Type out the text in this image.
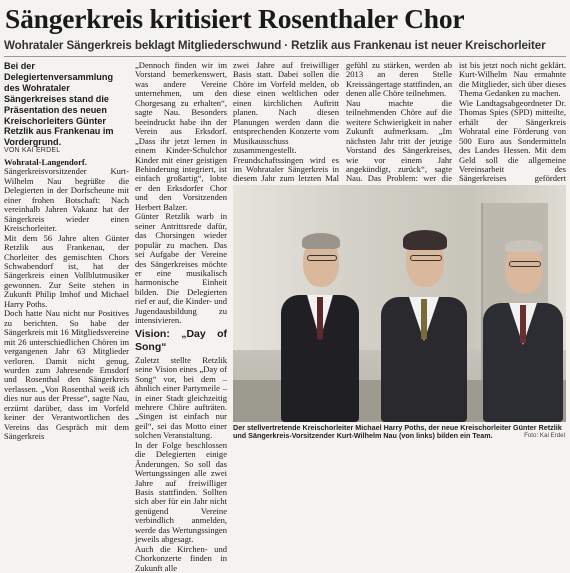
Sängerkreis kritisiert Rosenthaler Chor
Wohrataler Sängerkreis beklagt Mitgliederschwund · Retzlik aus Frankenau ist neuer Kreischorleiter

Bei der Delegiertenversammlung des Wohrataler Sängerkreises stand die Präsentation des neuen Kreischorleiters Günter Retzlik aus Frankenau im Vordergrund.

VON KAI ERDEL

Wohratal-Langendorf. Sängerkreisvorsitzender Kurt-Wilhelm Nau begrüßte die Delegierten in der Dorfscheune mit einer frohen Botschaft: Nach vereinhalb Jahren Vakanz hat der Sängerkreis wieder einen Kreischorleiter.

Mit dem 56 Jahre alten Günter Retzlik aus Frankenau, der Chorleiter des gemischten Chors Schwabendorf ist, hat der Sängerkreis einen Vollblutmusiker gewonnen. Zur Seite stehen in Zukunft Philip Imhof und Michael Harry Poths.

Doch hatte Nau nicht nur Positives zu berichten. So habe der Sängerkreis mit 16 Mitgliedsvereine mit 26 unterschiedlichen Chören im vergangenen Jahr 63 Mitglieder verloren. Damit nicht genug, wurden zum Jahresende Emsdorf und Rosenthal den Sängerkreis verlassen. „Von Rosenthal weiß ich dies nur aus der Presse“, sagte Nau, erzürnt darüber, dass im Vorfeld keiner der Verantwortlichen des Vereins das Gespräch mit dem Sängerkreis

„Dennoch finden wir im Vorstand bemerkenswert, was andere Vereine unternehmen, um den Chorgesang zu erhalten“, sagte Nau. Besonders beeindruckt habe ihn der Verein aus Erksdorf. „Dass ihr jetzt lernen in einem Kinder-Schulchor Kinder mit einer geistigen Behinderung integriert, ist einfach großartig“, lobte er den Erksdorfer Chor und den Vorsitzenden Herbert Balzer.

Günter Retzlik warb in seiner Antrittsrede dafür, das Chorsingen wieder populär zu machen. Das sei Aufgabe der Vereine des Sängerkreises möchte er eine musikalisch harmonische Einheit bilden. Die Delegierten rief er auf, die Kinder- und Jugendausbildung zu intensivieren.

Vision: „Day of Song“

Zuletzt stellte Retzlik seine Vision eines „Day of Song“ vor, bei dem – ähnlich einer Partymeile – in einer Stadt gleichzeitig mehrere Chöre aufträten. „Singen ist einfach nur geil“, sei das Motto einer solchen Veranstaltung.

In der Folge beschlossen die Delegierten einige Änderungen. So soll das Wertungssingen alle zwei Jahre auf freiwilliger Basis stattfinden. Sollten sich aber für ein Jahr nicht genügend Vereine verbindlich anmelden, werde das Wertungssingen jeweils abgesagt.

Auch die Kirchen- und Chorkonzerte finden in Zukunft alle

zwei Jahre auf freiwilliger Basis statt. Dabei sollen die Chöre im Vorfeld melden, ob diese einen weltlichen oder einen kirchlichen Auftritt planen. Nach diesen Planungen werden dann die entsprechenden Konzerte vom Musikausschuss zusammengestellt.

Freundschaftssingen wird es im Wohrataler Sängerkreis in diesem Jahr zum letzten Mal

gefühl zu stärken, werden ab 2013 an deren Stelle Kreissängertage stattfinden, an denen alle Chöre teilnehmen.

Nau machte die teilnehmenden Chöre auf die weitere Schwierigkeit in naher Zukunft aufmerksam. „Im nächsten Jahr tritt der jetzige Vorstand des Sängerkreises, wie vor einem Jahr angekündigt, zurück“, sagte Nau. Das Problem: wer die

ist bis jetzt noch nicht geklärt. Kurt-Wilhelm Nau ermahnte die Mitglieder, sich über dieses Thema Gedanken zu machen.

Wie Landtagsabgeordneter Dr. Thomas Spies (SPD) mitteilte, erhält der Sängerkreis Wohratal eine Förderung von 500 Euro aus Sondermitteln des Landes Hessen. Mit dem Geld soll die allgemeine Vereinsarbeit des Sängerkreises gefördert

Der stellvertretende Kreischorleiter Michael Harry Poths, der neue Kreischorleiter Günter Retzlik und Sängerkreis-Vorsitzender Kurt-Wilhelm Nau (von links) bilden ein Team.	Foto: Kai Erdel
